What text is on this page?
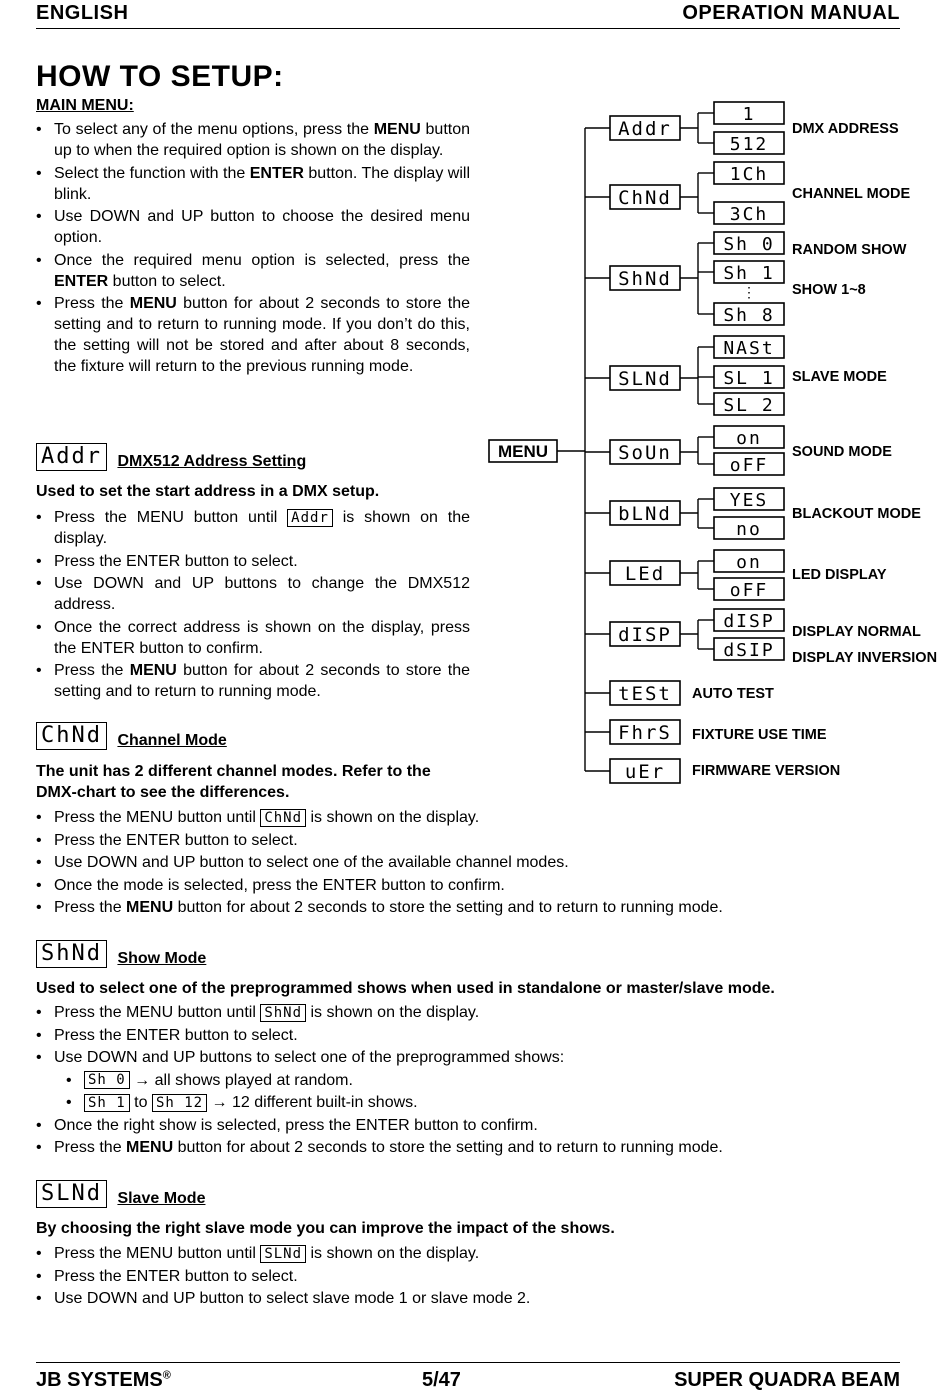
ENGLISH	OPERATION MANUAL
HOW TO SETUP:
MAIN MENU:
• To select any of the menu options, press the MENU button up to when the required option is shown on the display.
• Select the function with the ENTER button. The display will blink.
• Use DOWN and UP button to choose the desired menu option.
• Once the required menu option is selected, press the ENTER button to select.
• Press the MENU button for about 2 seconds to store the setting and to return to running mode. If you don’t do this, the setting will not be stored and after about 8 seconds, the fixture will return to the previous running mode.
MENU
Addr
1
512
DMX ADDRESS
ChNd
1Ch
3Ch
CHANNEL MODE
ShNd
Sh 0
Sh 1
⋮
Sh 8
RANDOM SHOW
SHOW 1~8
SLNd
NASt
SL 1
SL 2
SLAVE MODE
SoUn
on
oFF
SOUND MODE
bLNd
YES
no
BLACKOUT MODE
LEd
on
oFF
LED DISPLAY
dISP
dISP
dSIP
DISPLAY NORMAL
DISPLAY INVERSION
tESt AUTO TEST
FhrS FIXTURE USE TIME
uEr FIRMWARE VERSION
Addr DMX512 Address Setting
Used to set the start address in a DMX setup.
• Press the MENU button until Addr is shown on the display.
• Press the ENTER button to select.
• Use DOWN and UP buttons to change the DMX512 address.
• Once the correct address is shown on the display, press the ENTER button to confirm.
• Press the MENU button for about 2 seconds to store the setting and to return to running mode.
ChNd Channel Mode
The unit has 2 different channel modes. Refer to the DMX-chart to see the differences.
• Press the MENU button until ChNd is shown on the display.
• Press the ENTER button to select.
• Use DOWN and UP button to select one of the available channel modes.
• Once the mode is selected, press the ENTER button to confirm.
• Press the MENU button for about 2 seconds to store the setting and to return to running mode.
ShNd Show Mode
Used to select one of the preprogrammed shows when used in standalone or master/slave mode.
• Press the MENU button until ShNd is shown on the display.
• Press the ENTER button to select.
• Use DOWN and UP buttons to select one of the preprogrammed shows:
• Sh 0 → all shows played at random.
• Sh 1 to Sh 12 → 12 different built-in shows.
• Once the right show is selected, press the ENTER button to confirm.
• Press the MENU button for about 2 seconds to store the setting and to return to running mode.
SLNd Slave Mode
By choosing the right slave mode you can improve the impact of the shows.
• Press the MENU button until SLNd is shown on the display.
• Press the ENTER button to select.
• Use DOWN and UP button to select slave mode 1 or slave mode 2.
JB SYSTEMS®	5/47	SUPER QUADRA BEAM
